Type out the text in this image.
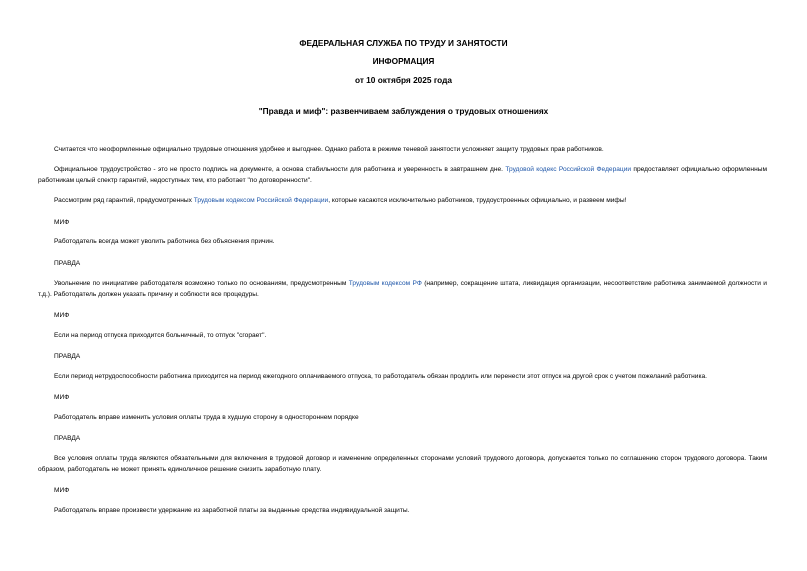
ФЕДЕРАЛЬНАЯ СЛУЖБА ПО ТРУДУ И ЗАНЯТОСТИ
ИНФОРМАЦИЯ
от 10 октября 2025 года
"Правда и миф": развенчиваем заблуждения о трудовых отношениях
Считается что неоформленные официально трудовые отношения удобнее и выгоднее. Однако работа в режиме теневой занятости усложняет защиту трудовых прав работников.
Официальное трудоустройство - это не просто подпись на документе, а основа стабильности для работника и уверенность в завтрашнем дне. Трудовой кодекс Российской Федерации предоставляет официально оформленным работникам целый спектр гарантий, недоступных тем, кто работает "по договоренности".
Рассмотрим ряд гарантий, предусмотренных Трудовым кодексом Российской Федерации, которые касаются исключительно работников, трудоустроенных официально, и развеем мифы!
МИФ
Работодатель всегда может уволить работника без объяснения причин.
ПРАВДА
Увольнение по инициативе работодателя возможно только по основаниям, предусмотренным Трудовым кодексом РФ (например, сокращение штата, ликвидация организации, несоответствие работника занимаемой должности и т.д.). Работодатель должен указать причину и соблюсти все процедуры.
МИФ
Если на период отпуска приходится больничный, то отпуск "сгорает".
ПРАВДА
Если период нетрудоспособности работника приходится на период ежегодного оплачиваемого отпуска, то работодатель обязан продлить или перенести этот отпуск на другой срок с учетом пожеланий работника.
МИФ
Работодатель вправе изменить условия оплаты труда в худшую сторону в одностороннем порядке
ПРАВДА
Все условия оплаты труда являются обязательными для включения в трудовой договор и изменение определенных сторонами условий трудового договора, допускается только по соглашению сторон трудового договора. Таким образом, работодатель не может принять единоличное решение снизить заработную плату.
МИФ
Работодатель вправе произвести удержание из заработной платы за выданные средства индивидуальной защиты.
